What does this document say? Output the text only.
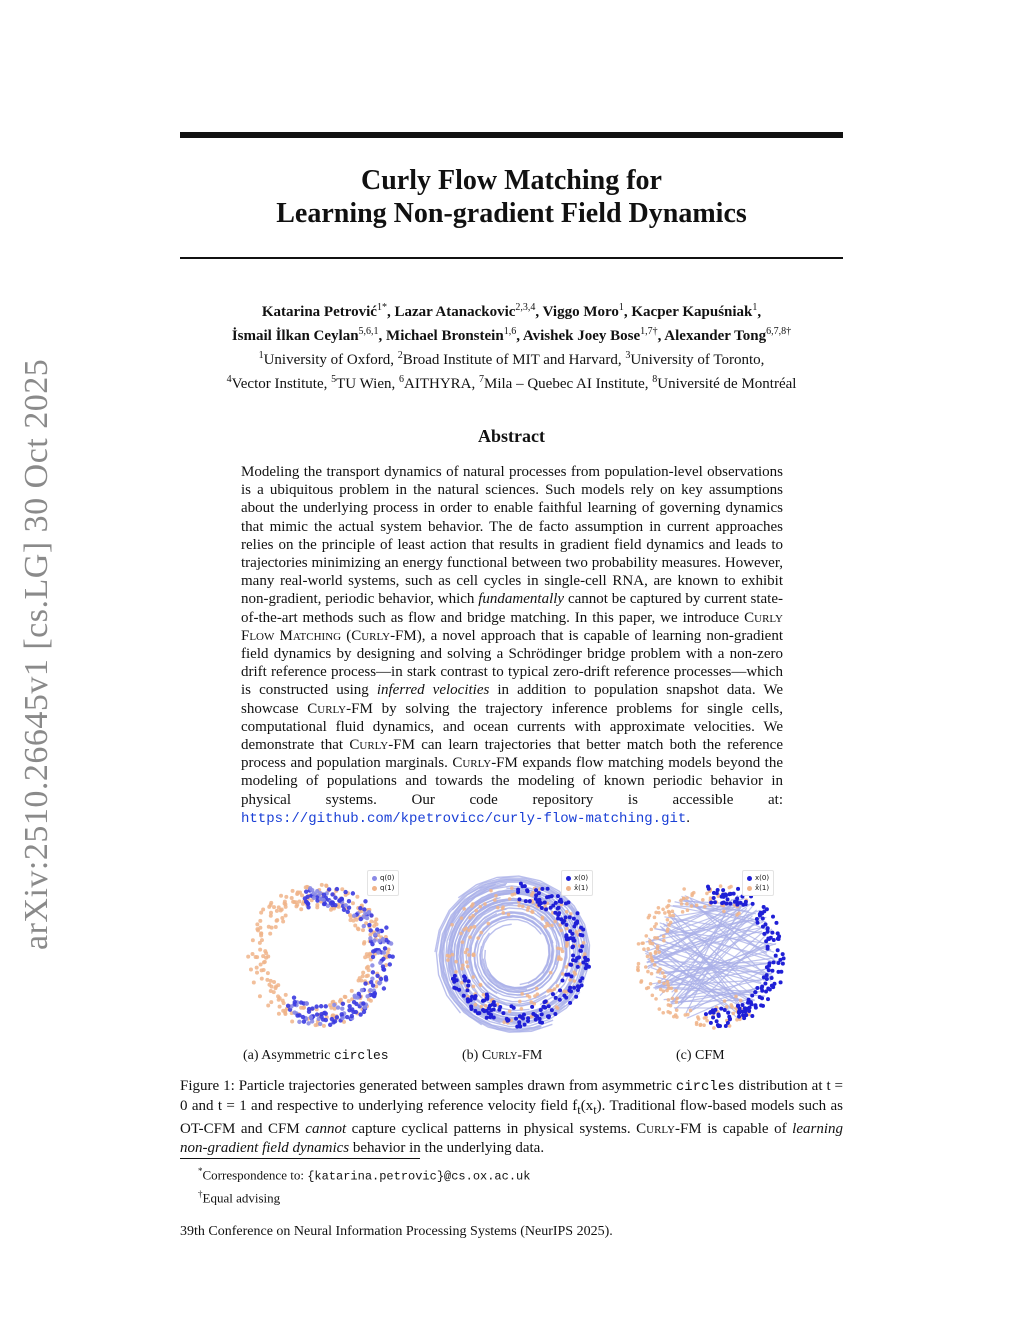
arXiv:2510.26645v1 [cs.LG] 30 Oct 2025
Curly Flow Matching for
Learning Non-gradient Field Dynamics
Katarina Petrović$^{1*}$, Lazar Atanackovic$^{2,3,4}$, Viggo Moro$^1$, Kacper Kapuśniak$^1$,
İsmail İlkan Ceylan$^{5,6,1}$, Michael Bronstein$^{1,6}$, Avishek Joey Bose$^{1,7\dagger}$, Alexander Tong$^{6,7,8\dagger}$
$^1$University of Oxford, $^2$Broad Institute of MIT and Harvard, $^3$University of Toronto,
$^4$Vector Institute, $^5$TU Wien, $^6$AITHYRA, $^7$Mila – Quebec AI Institute, $^8$Université de Montréal
Abstract
Modeling the transport dynamics of natural processes from population-level observations is a ubiquitous problem in the natural sciences. Such models rely on key assumptions about the underlying process in order to enable faithful learning of governing dynamics that mimic the actual system behavior. The de facto assumption in current approaches relies on the principle of least action that results in gradient field dynamics and leads to trajectories minimizing an energy functional between two probability measures. However, many real-world systems, such as cell cycles in single-cell RNA, are known to exhibit non-gradient, periodic behavior, which fundamentally cannot be captured by current state-of-the-art methods such as flow and bridge matching. In this paper, we introduce Curly Flow Matching (Curly-FM), a novel approach that is capable of learning non-gradient field dynamics by designing and solving a Schrödinger bridge problem with a non-zero drift reference process—in stark contrast to typical zero-drift reference processes—which is constructed using inferred velocities in addition to population snapshot data. We showcase Curly-FM by solving the trajectory inference problems for single cells, computational fluid dynamics, and ocean currents with approximate velocities. We demonstrate that Curly-FM can learn trajectories that better match both the reference process and population marginals. Curly-FM expands flow matching models beyond the modeling of populations and towards the modeling of known periodic behavior in physical systems. Our code repository is accessible at: https://github.com/kpetrovicc/curly-flow-matching.git.
q(0)
q(1)
(a) Asymmetric circles
x(0)
x̂(1)
(b) Curly-FM
x(0)
x̂(1)
(c) CFM
Figure 1: Particle trajectories generated between samples drawn from asymmetric circles distribution at t = 0 and t = 1 and respective to underlying reference velocity field $f_t(x_t)$. Traditional flow-based models such as OT-CFM and CFM cannot capture cyclical patterns in physical systems. Curly-FM is capable of learning non-gradient field dynamics behavior in the underlying data.
*Correspondence to: {katarina.petrovic}@cs.ox.ac.uk
†Equal advising
39th Conference on Neural Information Processing Systems (NeurIPS 2025).
